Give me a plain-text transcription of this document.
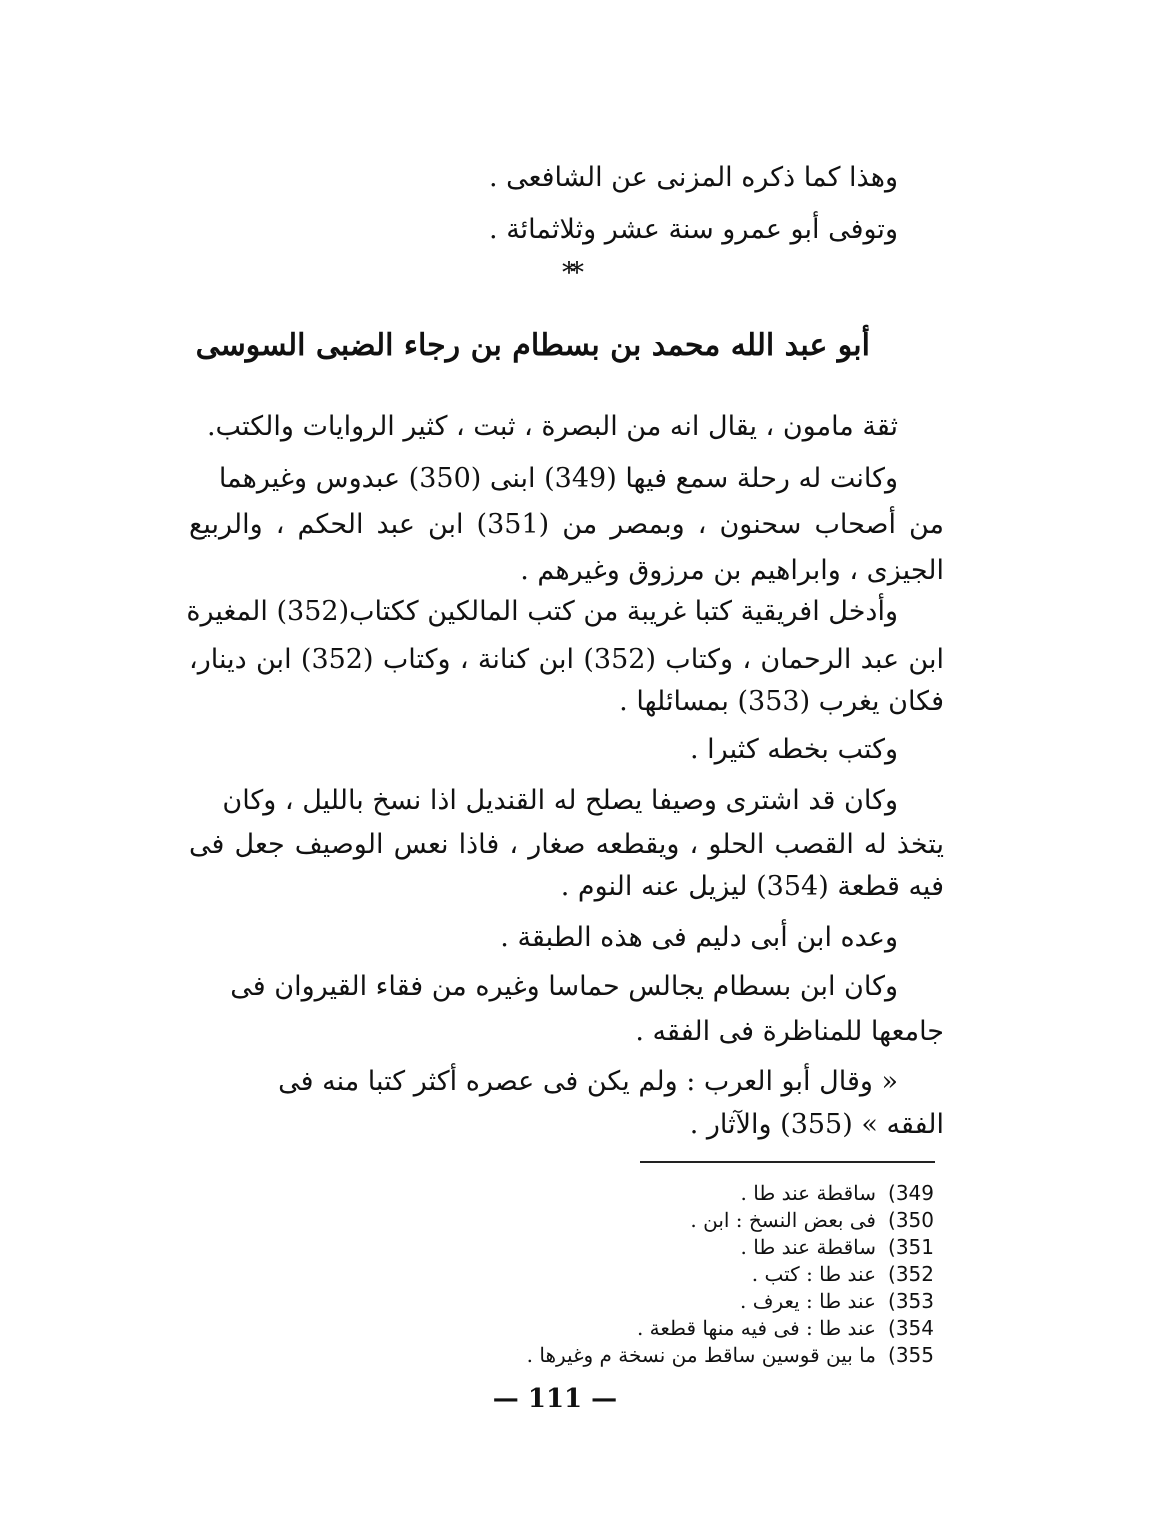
وهذا كما ذكره المزنى عن الشافعى .
وتوفى أبو عمرو سنة عشر وثلاثمائة .
**
أبو عبد الله محمد بن بسطام بن رجاء الضبى السوسى
ثقة مامون ، يقال انه من البصرة ، ثبت ، كثير الروايات والكتب.
وكانت له رحلة سمع فيها (349) ابنى (350) عبدوس وغيرهما
من أصحاب سحنون ، وبمصر من (351) ابن عبد الحكم ، والربيع
الجيزى ، وابراهيم بن مرزوق وغيرهم .
وأدخل افريقية كتبا غريبة من كتب المالكين ككتاب(352) المغيرة
ابن عبد الرحمان ، وكتاب (352) ابن كنانة ، وكتاب (352) ابن دينار،
فكان يغرب (353) بمسائلها .
وكتب بخطه كثيرا .
وكان قد اشترى وصيفا يصلح له القنديل اذا نسخ بالليل ، وكان
يتخذ له القصب الحلو ، ويقطعه صغار ، فاذا نعس الوصيف جعل فى
فيه قطعة (354) ليزيل عنه النوم .
وعده ابن أبى دليم فى هذه الطبقة .
وكان ابن بسطام يجالس حماسا وغيره من فقاء القيروان فى
جامعها للمناظرة فى الفقه .
« وقال أبو العرب : ولم يكن فى عصره أكثر كتبا منه فى
الفقه » (355) والآثار .
349)ساقطة عند طا .
350)فى بعض النسخ : ابن .
351)ساقطة عند طا .
352)عند طا : كتب .
353)عند طا : يعرف .
354)عند طا : فى فيه منها قطعة .
355)ما بين قوسين ساقط من نسخة م وغيرها .
— 111 —
